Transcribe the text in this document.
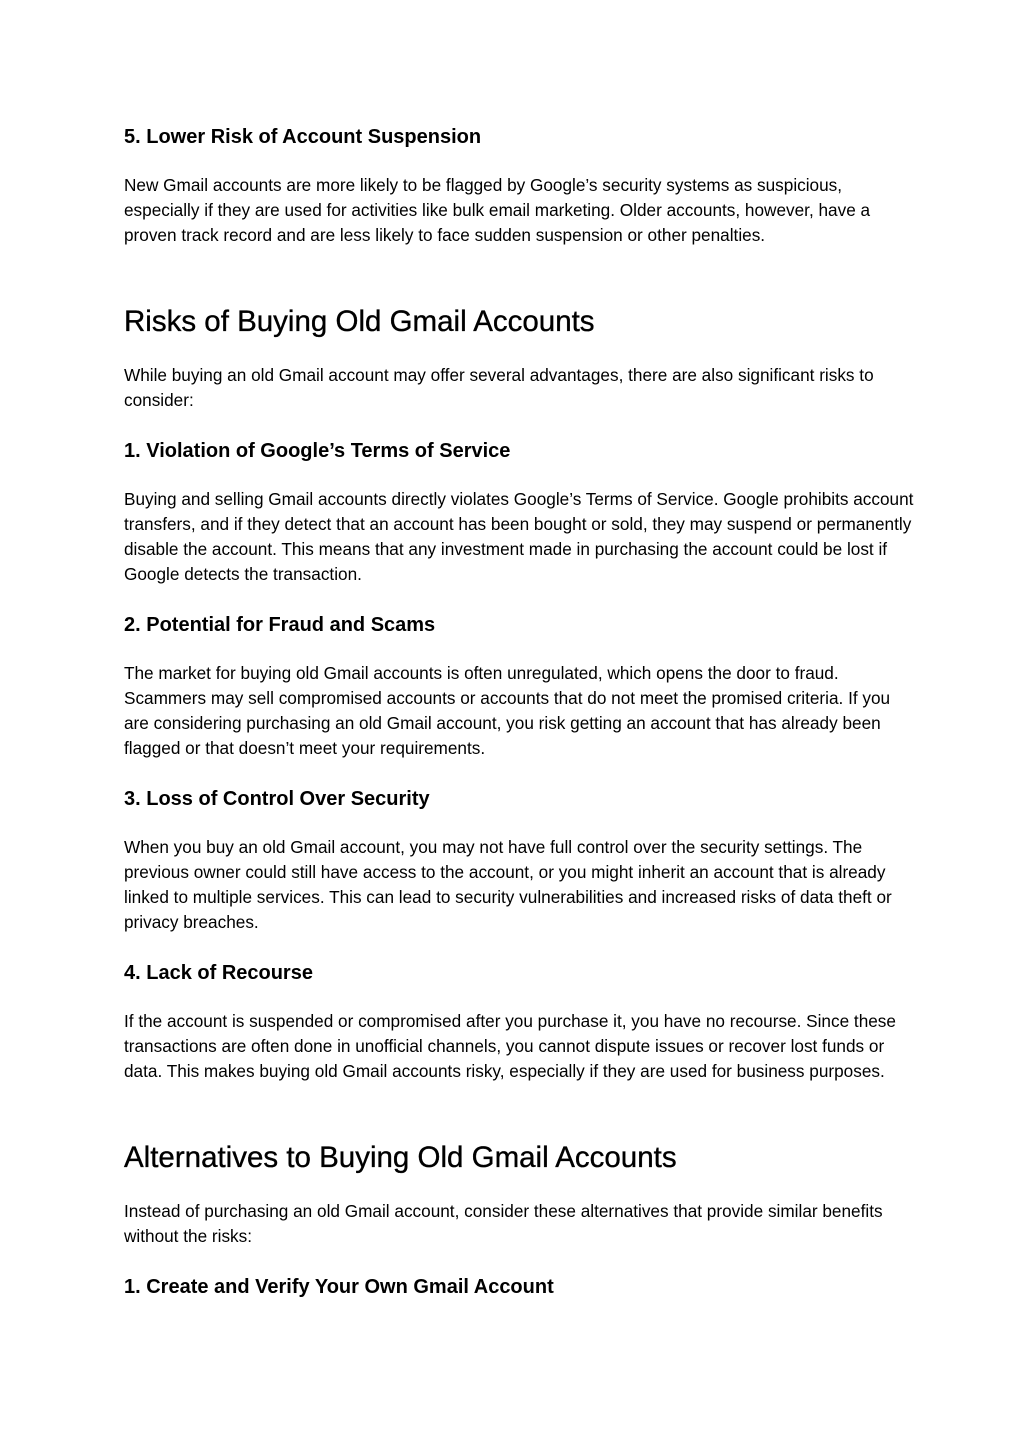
5. Lower Risk of Account Suspension

New Gmail accounts are more likely to be flagged by Google’s security systems as suspicious, especially if they are used for activities like bulk email marketing. Older accounts, however, have a proven track record and are less likely to face sudden suspension or other penalties.

Risks of Buying Old Gmail Accounts

While buying an old Gmail account may offer several advantages, there are also significant risks to consider:

1. Violation of Google’s Terms of Service

Buying and selling Gmail accounts directly violates Google’s Terms of Service. Google prohibits account transfers, and if they detect that an account has been bought or sold, they may suspend or permanently disable the account. This means that any investment made in purchasing the account could be lost if Google detects the transaction.

2. Potential for Fraud and Scams

The market for buying old Gmail accounts is often unregulated, which opens the door to fraud. Scammers may sell compromised accounts or accounts that do not meet the promised criteria. If you are considering purchasing an old Gmail account, you risk getting an account that has already been flagged or that doesn’t meet your requirements.

3. Loss of Control Over Security

When you buy an old Gmail account, you may not have full control over the security settings. The previous owner could still have access to the account, or you might inherit an account that is already linked to multiple services. This can lead to security vulnerabilities and increased risks of data theft or privacy breaches.

4. Lack of Recourse

If the account is suspended or compromised after you purchase it, you have no recourse. Since these transactions are often done in unofficial channels, you cannot dispute issues or recover lost funds or data. This makes buying old Gmail accounts risky, especially if they are used for business purposes.

Alternatives to Buying Old Gmail Accounts

Instead of purchasing an old Gmail account, consider these alternatives that provide similar benefits without the risks:

1. Create and Verify Your Own Gmail Account
